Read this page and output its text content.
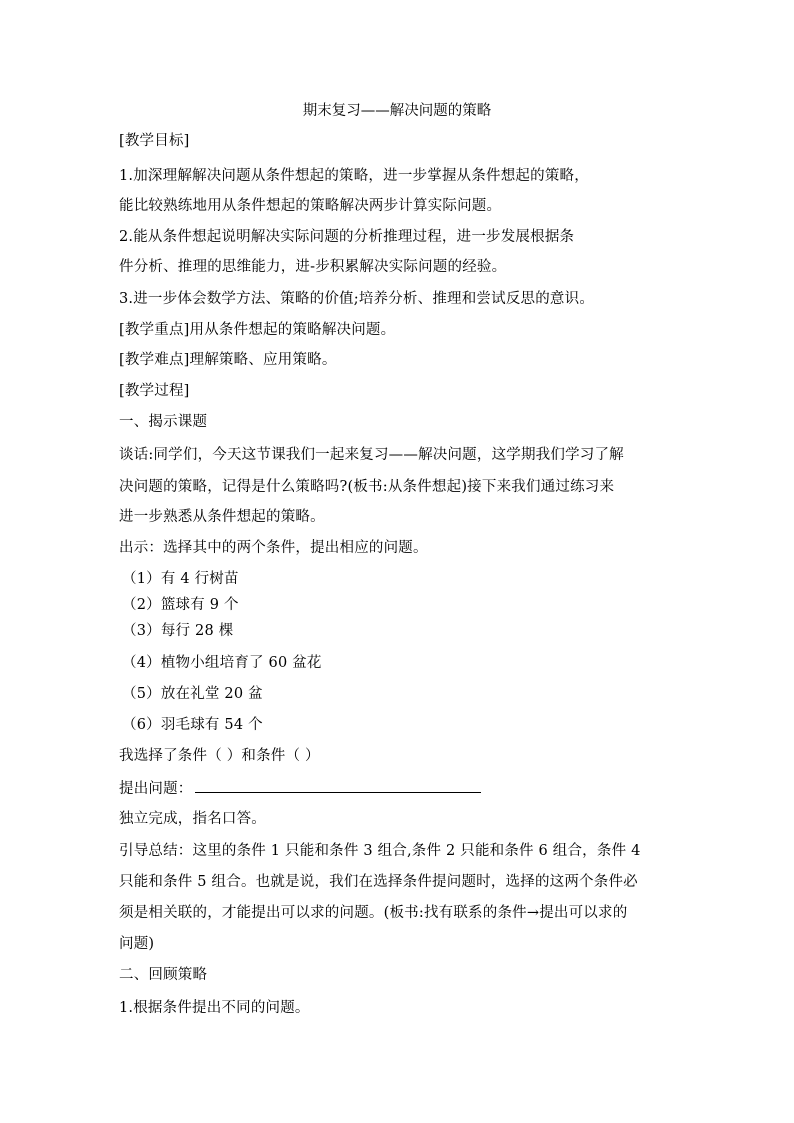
期末复习——解决问题的策略
[教学目标]
1.加深理解解决问题从条件想起的策略，进一步掌握从条件想起的策略，
能比较熟练地用从条件想起的策略解决两步计算实际问题。
2.能从条件想起说明解决实际问题的分析推理过程，进一步发展根据条
件分析、推理的思维能力，进-步积累解决实际问题的经验。
3.进一步体会数学方法、策略的价值;培养分析、推理和尝试反思的意识。
[教学重点]用从条件想起的策略解决问题。
[教学难点]理解策略、应用策略。
[教学过程]
一、揭示课题
谈话:同学们，今天这节课我们一起来复习——解决问题，这学期我们学习了解
决问题的策略，记得是什么策略吗?(板书:从条件想起)接下来我们通过练习来
进一步熟悉从条件想起的策略。
出示：选择其中的两个条件，提出相应的问题。
（1）有 4 行树苗
（2）篮球有 9 个
（3）每行 28 棵
（4）植物小组培育了 60 盆花
（5）放在礼堂 20 盆
（6）羽毛球有 54 个
我选择了条件（ ）和条件（ ）
提出问题：
独立完成，指名口答。
引导总结：这里的条件 1 只能和条件 3 组合,条件 2 只能和条件 6 组合，条件 4
只能和条件 5 组合。也就是说，我们在选择条件提问题时，选择的这两个条件必
须是相关联的，才能提出可以求的问题。(板书:找有联系的条件→提出可以求的
问题)
二、回顾策略
1.根据条件提出不同的问题。
